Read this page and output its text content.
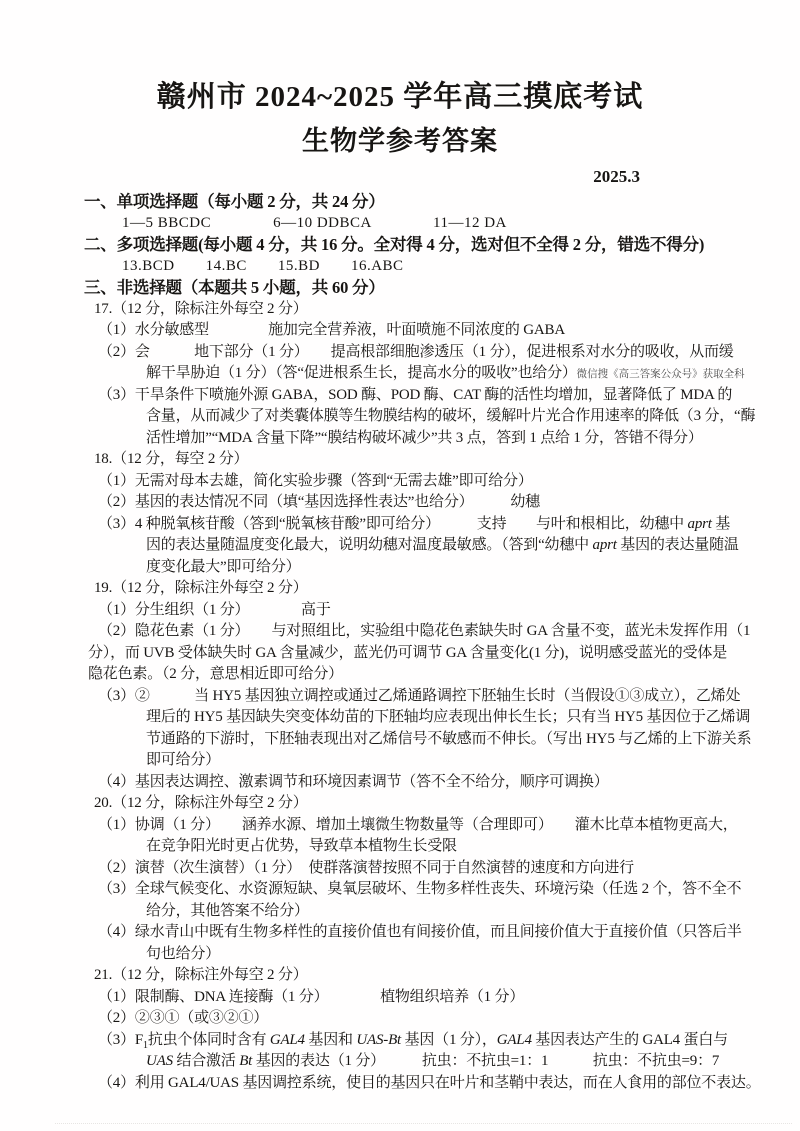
赣州市 2024~2025 学年高三摸底考试
生物学参考答案
2025.3
一、单项选择题（每小题 2 分，共 24 分）
1—5 BBCDC　　　　6—10 DDBCA　　　　11—12 DA
二、多项选择题(每小题 4 分，共 16 分。全对得 4 分，选对但不全得 2 分，错选不得分)
13.BCD　　14.BC　　15.BD　　16.ABC
三、非选择题（本题共 5 小题，共 60 分）
17.（12 分，除标注外每空 2 分）
（1）水分敏感型　　　　施加完全营养液，叶面喷施不同浓度的 GABA
（2）会　　　地下部分（1 分）　　提高根部细胞渗透压（1 分），促进根系对水分的吸收，从而缓
解干旱胁迫（1 分）（答“促进根系生长，提高水分的吸收”也给分）微信搜《高三答案公众号》获取全科
（3）干旱条件下喷施外源 GABA，SOD 酶、POD 酶、CAT 酶的活性均增加，显著降低了 MDA 的
含量，从而减少了对类囊体膜等生物膜结构的破坏，缓解叶片光合作用速率的降低（3 分，“酶
活性增加”“MDA 含量下降”“膜结构破坏减少”共 3 点，答到 1 点给 1 分，答错不得分）
18.（12 分，每空 2 分）
（1）无需对母本去雄，简化实验步骤（答到“无需去雄”即可给分）
（2）基因的表达情况不同（填“基因选择性表达”也给分）　　　幼穗
（3）4 种脱氧核苷酸（答到“脱氧核苷酸”即可给分）　　　支持　　与叶和根相比，幼穗中 aprt 基
因的表达量随温度变化最大，说明幼穗对温度最敏感。（答到“幼穗中 aprt 基因的表达量随温
度变化最大”即可给分）
19.（12 分，除标注外每空 2 分）
（1）分生组织（1 分）　　　　高于
（2）隐花色素（1 分）　　与对照组比，实验组中隐花色素缺失时 GA 含量不变，蓝光未发挥作用（1
分），而 UVB 受体缺失时 GA 含量减少，蓝光仍可调节 GA 含量变化(1 分)，说明感受蓝光的受体是
隐花色素。（2 分，意思相近即可给分）
（3）②　　　当 HY5 基因独立调控或通过乙烯通路调控下胚轴生长时（当假设①③成立），乙烯处
理后的 HY5 基因缺失突变体幼苗的下胚轴均应表现出伸长生长；只有当 HY5 基因位于乙烯调
节通路的下游时，下胚轴表现出对乙烯信号不敏感而不伸长。（写出 HY5 与乙烯的上下游关系
即可给分）
（4）基因表达调控、激素调节和环境因素调节（答不全不给分，顺序可调换）
20.（12 分，除标注外每空 2 分）
（1）协调（1 分）　　涵养水源、增加土壤微生物数量等（合理即可）　　灌木比草本植物更高大，
在竞争阳光时更占优势，导致草本植物生长受限
（2）演替（次生演替）（1 分）　使群落演替按照不同于自然演替的速度和方向进行
（3）全球气候变化、水资源短缺、臭氧层破坏、生物多样性丧失、环境污染（任选 2 个，答不全不
给分，其他答案不给分）
（4）绿水青山中既有生物多样性的直接价值也有间接价值，而且间接价值大于直接价值（只答后半
句也给分）
21.（12 分，除标注外每空 2 分）
（1）限制酶、DNA 连接酶（1 分）　　　　植物组织培养（1 分）
（2）②③①（或③②①）
$(3)F_1$抗虫个体同时含有 GAL4 基因和 UAS-Bt 基因（1 分），GAL4 基因表达产生的 GAL4 蛋白与
UAS 结合激活 Bt 基因的表达（1 分）　　　抗虫：不抗虫=1：1　　　抗虫：不抗虫=9：7
（4）利用 GAL4/UAS 基因调控系统，使目的基因只在叶片和茎鞘中表达，而在人食用的部位不表达。
